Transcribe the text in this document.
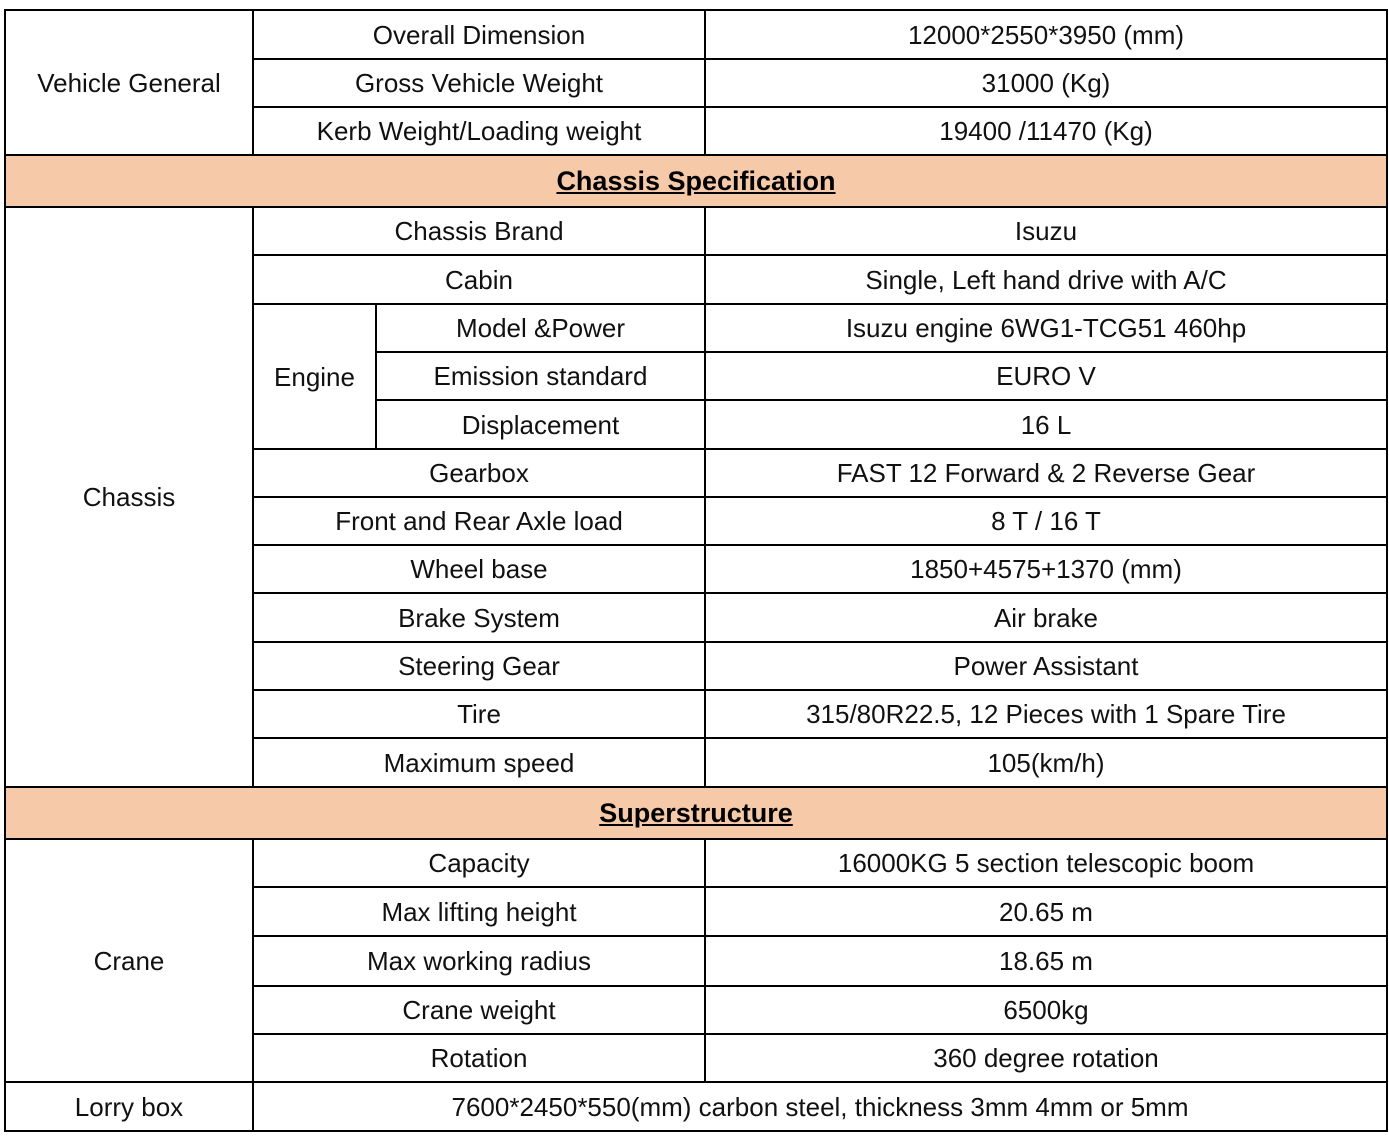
Vehicle General	Overall Dimension		12000*2550*3950 (mm)
	Gross Vehicle Weight		31000 (Kg)
	Kerb Weight/Loading weight		19400 /11470 (Kg)
Chassis Specification			
Chassis	Chassis Brand		Isuzu
	Cabin		Single, Left hand drive with A/C
	Engine	Model &Power	Isuzu engine 6WG1-TCG51 460hp
		Emission standard	EURO V
		Displacement	16 L
	Gearbox		FAST 12 Forward & 2 Reverse Gear
	Front and Rear Axle load		8 T / 16 T
	Wheel base		1850+4575+1370 (mm)
	Brake System		Air brake
	Steering Gear		Power Assistant
	Tire		315/80R22.5, 12 Pieces with 1 Spare Tire
	Maximum speed		105(km/h)
Superstructure			
Crane	Capacity		16000KG 5 section telescopic boom
	Max lifting height		20.65 m
	Max working radius		18.65 m
	Crane weight		6500kg
	Rotation		360 degree rotation
Lorry box	7600*2450*550(mm) carbon steel, thickness 3mm 4mm or 5mm		
